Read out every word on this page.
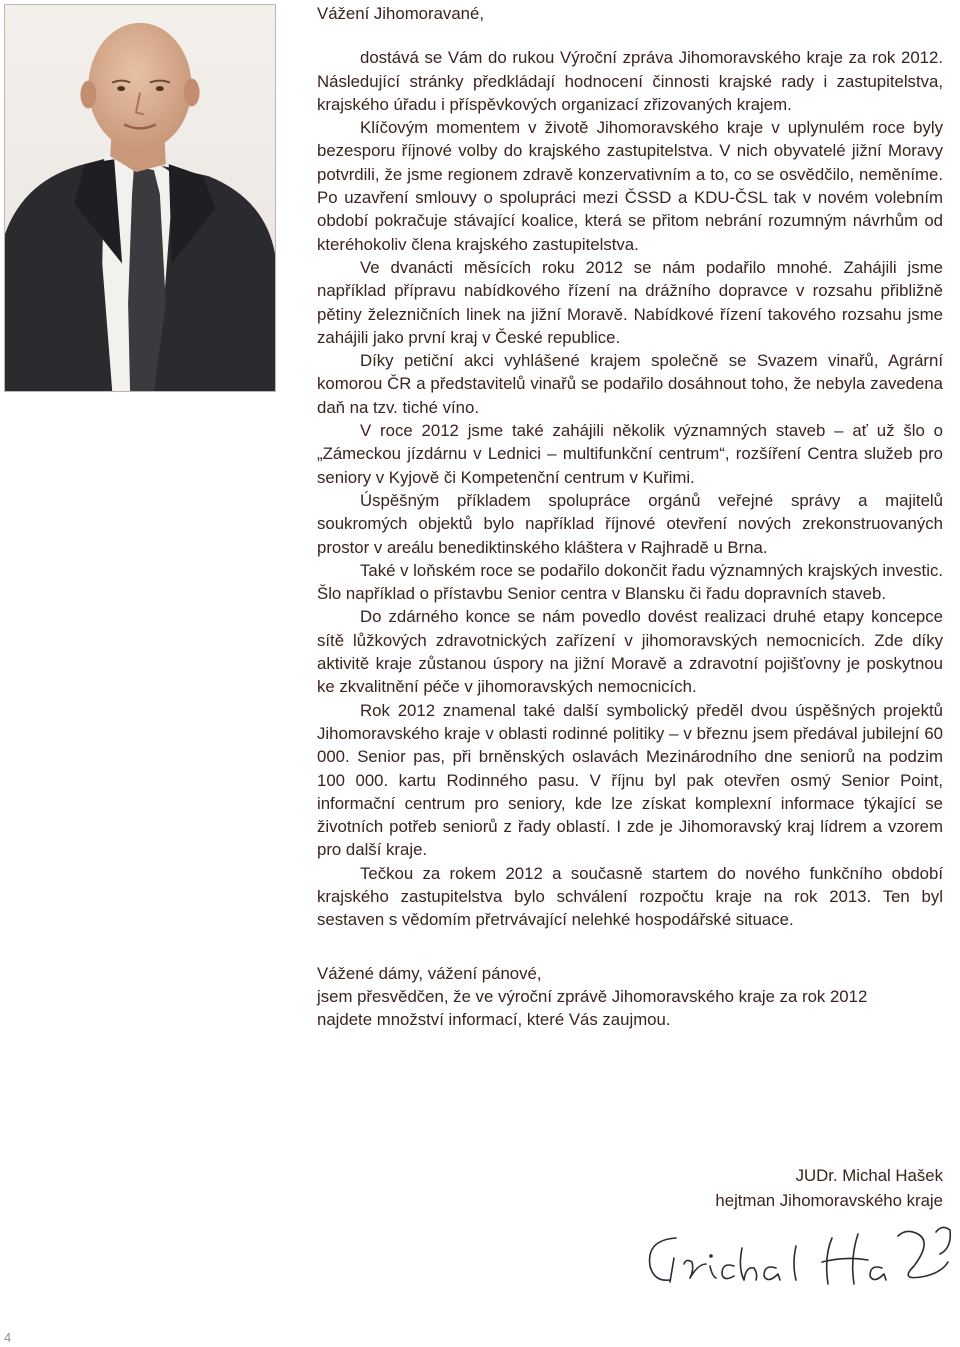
Vážení Jihomoravané,

dostává se Vám do rukou Výroční zpráva Jihomoravského kraje za rok 2012. Následující stránky předkládají hodnocení činnosti krajské rady i zastupitelstva, krajského úřadu i příspěvkových organizací zřizovaných krajem.

Klíčovým momentem v životě Jihomoravského kraje v uplynulém roce byly bezesporu říjnové volby do krajského zastupitelstva. V nich obyvatelé jižní Moravy potvrdili, že jsme regionem zdravě konzervativním a to, co se osvědčilo, neměníme. Po uzavření smlouvy o spolupráci mezi ČSSD a KDU-ČSL tak v novém volebním období pokračuje stávající koalice, která se přitom nebrání rozumným návrhům od kteréhokoliv člena krajského zastupitelstva.

Ve dvanácti měsících roku 2012 se nám podařilo mnohé. Zahájili jsme například přípravu nabídkového řízení na drážního dopravce v rozsahu přibližně pětiny železničních linek na jižní Moravě. Nabídkové řízení takového rozsahu jsme zahájili jako první kraj v České republice.

Díky petiční akci vyhlášené krajem společně se Svazem vinařů, Agrární komorou ČR a představitelů vinařů se podařilo dosáhnout toho, že nebyla zavedena daň na tzv. tiché víno.

V roce 2012 jsme také zahájili několik významných staveb – ať už šlo o „Zámeckou jízdárnu v Lednici – multifunkční centrum“, rozšíření Centra služeb pro seniory v Kyjově či Kompetenční centrum v Kuřimi.

Úspěšným příkladem spolupráce orgánů veřejné správy a majitelů soukromých objektů bylo například říjnové otevření nových zrekonstruovaných prostor v areálu benediktinského kláštera v Rajhradě u Brna.

Také v loňském roce se podařilo dokončit řadu významných krajských investic. Šlo například o přístavbu Senior centra v Blansku či řadu dopravních staveb.

Do zdárného konce se nám povedlo dovést realizaci druhé etapy koncepce sítě lůžkových zdravotnických zařízení v jihomoravských nemocnicích. Zde díky aktivitě kraje zůstanou úspory na jižní Moravě a zdravotní pojišťovny je poskytnou ke zkvalitnění péče v jihomoravských nemocnicích.

Rok 2012 znamenal také další symbolický předěl dvou úspěšných projektů Jihomoravského kraje v oblasti rodinné politiky – v březnu jsem předával jubilejní 60 000. Senior pas, při brněnských oslavách Mezinárodního dne seniorů na podzim 100 000. kartu Rodinného pasu. V říjnu byl pak otevřen osmý Senior Point, informační centrum pro seniory, kde lze získat komplexní informace týkající se životních potřeb seniorů z řady oblastí. I zde je Jihomoravský kraj lídrem a vzorem pro další kraje.

Tečkou za rokem 2012 a současně startem do nového funkčního období krajského zastupitelstva bylo schválení rozpočtu kraje na rok 2013. Ten byl sestaven s vědomím přetrvávající nelehké hospodářské situace.

Vážené dámy, vážení pánové,
jsem přesvědčen, že ve výroční zprávě Jihomoravského kraje za rok 2012
najdete množství informací, které Vás zaujmou.
JUDr. Michal Hašek
hejtman Jihomoravského kraje
4
